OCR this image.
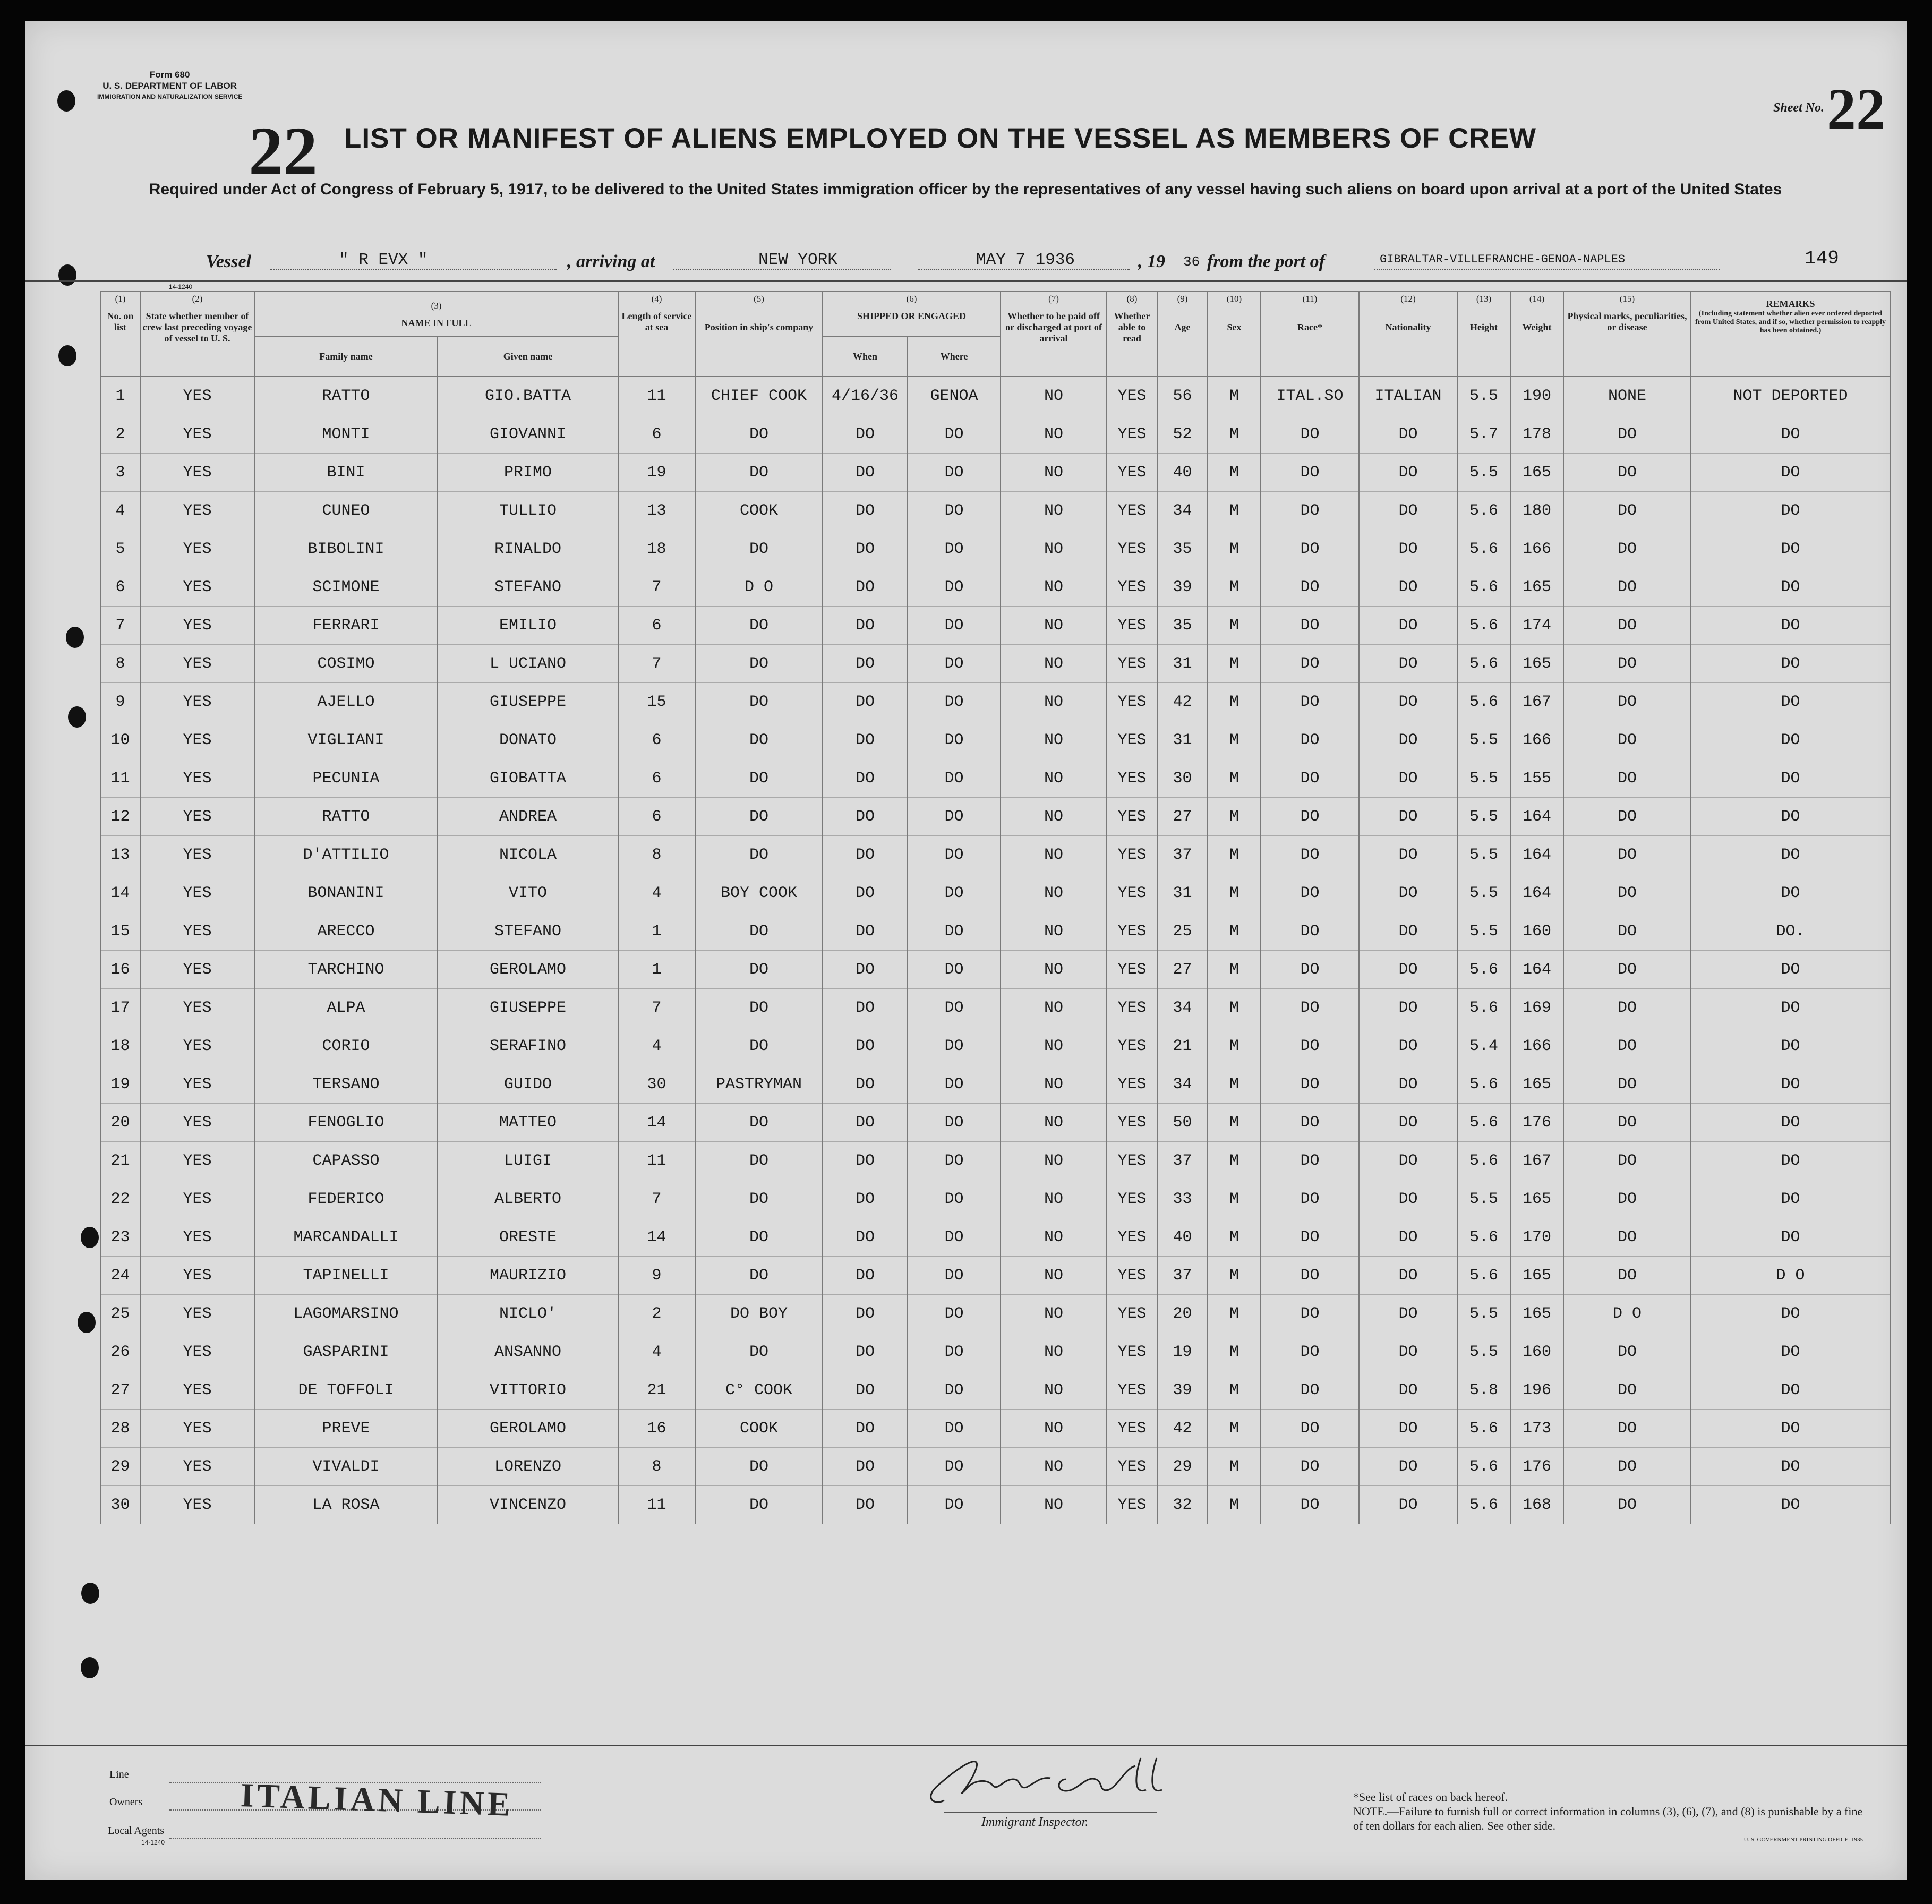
Form 680
U. S. DEPARTMENT OF LABOR
IMMIGRATION AND NATURALIZATION SERVICE
22 LIST OR MANIFEST OF ALIENS EMPLOYED ON THE VESSEL AS MEMBERS OF CREW
Sheet No. 22
Required under Act of Congress of February 5, 1917, to be delivered to the United States immigration officer by the representatives of any vessel having such aliens on board upon arrival at a port of the United States
Vessel	" R EVX "	, arriving at	NEW YORK	MAY 7 1936	, 19 36 from the port of	GIBRALTAR-VILLEFRANCHE-GENOA-NAPLES	149
14-1240
(1)
No. on list	(2)
State whether member of crew last preceding voyage of vessel to U. S.	(3)
NAME IN FULL		(4)
Length of service at sea	(5)

Position in ship's company	(6)
SHIPPED OR ENGAGED		(7)
Whether to be paid off or discharged at port of arrival	(8)
Whether able to read	(9)

Age	(10)

Sex	(11)

Race*	(12)

Nationality	(13)

Height	(14)

Weight	(15)
Physical marks, peculiarities, or disease	REMARKS
(Including statement whether alien ever ordered deported from United States, and if so, whether permission to reapply has been obtained.)

		Family name	Given name			When	Where										
1	YES	RATTO	GIO.BATTA	11	CHIEF COOK	4/16/36	GENOA	NO	YES	56	M	ITAL.SO	ITALIAN	5.5	190	NONE	NOT DEPORTED
2	YES	MONTI	GIOVANNI	6	DO	DO	DO	NO	YES	52	M	DO	DO	5.7	178	DO	DO
3	YES	BINI	PRIMO	19	DO	DO	DO	NO	YES	40	M	DO	DO	5.5	165	DO	DO
4	YES	CUNEO	TULLIO	13	COOK	DO	DO	NO	YES	34	M	DO	DO	5.6	180	DO	DO
5	YES	BIBOLINI	RINALDO	18	DO	DO	DO	NO	YES	35	M	DO	DO	5.6	166	DO	DO
6	YES	SCIMONE	STEFANO	7	D O	DO	DO	NO	YES	39	M	DO	DO	5.6	165	DO	DO
7	YES	FERRARI	EMILIO	6	DO	DO	DO	NO	YES	35	M	DO	DO	5.6	174	DO	DO
8	YES	COSIMO	L UCIANO	7	DO	DO	DO	NO	YES	31	M	DO	DO	5.6	165	DO	DO
9	YES	AJELLO	GIUSEPPE	15	DO	DO	DO	NO	YES	42	M	DO	DO	5.6	167	DO	DO
10	YES	VIGLIANI	DONATO	6	DO	DO	DO	NO	YES	31	M	DO	DO	5.5	166	DO	DO
11	YES	PECUNIA	GIOBATTA	6	DO	DO	DO	NO	YES	30	M	DO	DO	5.5	155	DO	DO
12	YES	RATTO	ANDREA	6	DO	DO	DO	NO	YES	27	M	DO	DO	5.5	164	DO	DO
13	YES	D'ATTILIO	NICOLA	8	DO	DO	DO	NO	YES	37	M	DO	DO	5.5	164	DO	DO
14	YES	BONANINI	VITO	4	BOY COOK	DO	DO	NO	YES	31	M	DO	DO	5.5	164	DO	DO
15	YES	ARECCO	STEFANO	1	DO	DO	DO	NO	YES	25	M	DO	DO	5.5	160	DO	DO.
16	YES	TARCHINO	GEROLAMO	1	DO	DO	DO	NO	YES	27	M	DO	DO	5.6	164	DO	DO
17	YES	ALPA	GIUSEPPE	7	DO	DO	DO	NO	YES	34	M	DO	DO	5.6	169	DO	DO
18	YES	CORIO	SERAFINO	4	DO	DO	DO	NO	YES	21	M	DO	DO	5.4	166	DO	DO
19	YES	TERSANO	GUIDO	30	PASTRYMAN	DO	DO	NO	YES	34	M	DO	DO	5.6	165	DO	DO
20	YES	FENOGLIO	MATTEO	14	DO	DO	DO	NO	YES	50	M	DO	DO	5.6	176	DO	DO
21	YES	CAPASSO	LUIGI	11	DO	DO	DO	NO	YES	37	M	DO	DO	5.6	167	DO	DO
22	YES	FEDERICO	ALBERTO	7	DO	DO	DO	NO	YES	33	M	DO	DO	5.5	165	DO	DO
23	YES	MARCANDALLI	ORESTE	14	DO	DO	DO	NO	YES	40	M	DO	DO	5.6	170	DO	DO
24	YES	TAPINELLI	MAURIZIO	9	DO	DO	DO	NO	YES	37	M	DO	DO	5.6	165	DO	D O
25	YES	LAGOMARSINO	NICLO'	2	DO BOY	DO	DO	NO	YES	20	M	DO	DO	5.5	165	D O	DO
26	YES	GASPARINI	ANSANNO	4	DO	DO	DO	NO	YES	19	M	DO	DO	5.5	160	DO	DO
27	YES	DE TOFFOLI	VITTORIO	21	C° COOK	DO	DO	NO	YES	39	M	DO	DO	5.8	196	DO	DO
28	YES	PREVE	GEROLAMO	16	COOK	DO	DO	NO	YES	42	M	DO	DO	5.6	173	DO	DO
29	YES	VIVALDI	LORENZO	8	DO	DO	DO	NO	YES	29	M	DO	DO	5.6	176	DO	DO
30	YES	LA ROSA	VINCENZO	11	DO	DO	DO	NO	YES	32	M	DO	DO	5.6	168	DO	DO

Line
Owners
Local Agents
14-1240
ITALIAN LINE	Immigrant Inspector.
*See list of races on back hereof.
NOTE.—Failure to furnish full or correct information in columns (3), (6), (7), and (8) is punishable by a fine of ten dollars for each alien. See other side.
U. S. GOVERNMENT PRINTING OFFICE: 1935
